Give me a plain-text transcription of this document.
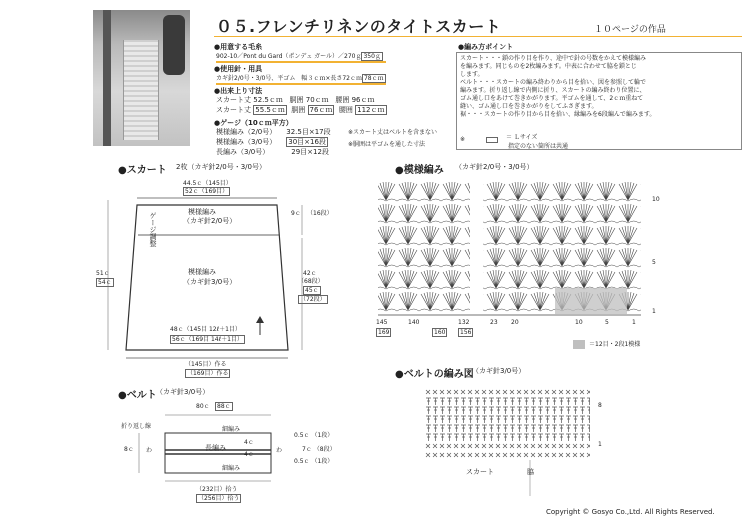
０５.フレンチリネンのタイトスカート	１０ページの作品
●用意する毛糸
902-10／Pont du Gard（ポンデュ ガール）／270ｇ 350ｇ
●使用針・用具
カギ針2/0号・3/0号、平ゴム　幅３ｃｍ×長さ72ｃｍ 78ｃｍ
●出来上り寸法
スカート丈 52.5ｃｍ 胴囲 70ｃｍ 腰囲 96ｃｍ
スカート丈 55.5ｃｍ 胴囲 76ｃｍ 腰囲 112ｃｍ
●ゲージ（10ｃｍ平方）
模様編み（2/0号） 32.5目×17段
模様編み（3/0号） 30目×16段
長編み（3/0号）	29目×12段
※スカート丈はベルトを含まない
※胴囲は平ゴムを通した寸法
●編み方ポイント
スカート・・・鎖の作り目を作り、途中で針の号数をかえて模様編み
を編みます。同じものを2枚編みます。中表に合わせて脇を鎖とじ
します。
ベルト・・・スカートの編み終わりから目を拾い、図を参照して輪で
編みます。折り返し線で内側に折り、スカートの編み終わり位置に、
ゴム通し口をあけて巻きかがります。平ゴムを通して、2ｃｍ重ねて
縫い、ゴム通し口を巻きかがりをしてふさぎます。
裾・・・スカートの作り目から目を拾い、縁編みを6段編んで編みます。
※	＝ Ｌサイズ
指定のない箇所は共通
●スカート 2枚（カギ針2/0号・3/0号）
44.5ｃ（145目）
52ｃ（169目）
模様編み
（カギ針2/0号）
ゲージ調整	9ｃ （16段）
模様編み
（カギ針3/0号）
51ｃ
54ｃ
42ｃ
（68段）
45ｃ
（72段）
48ｃ（145目 12ℓ＋1目）
56ｃ（169目 14ℓ＋1目）
（145目）作る
（169目）作る
●模様編み （カギ針2/0号・3/0号）
10
5
1
145	140	132	23 20	10	5	1
169	160	156
＝12目・2段1模様
●ベルト （カギ針3/0号）
80ｃ	88ｃ
折り返し線	細編み
長編み
細編み
8ｃ わ	わ
4ｃ
4ｃ
0.5ｃ （1段）
7ｃ （8段）
0.5ｃ （1段）
（232目）拾う
（256目）拾う
●ベルトの編み図
（カギ針3/0号）
8
1
スカート	脇
Copyright © Gosyo Co.,Ltd. All Rights Reserved.
